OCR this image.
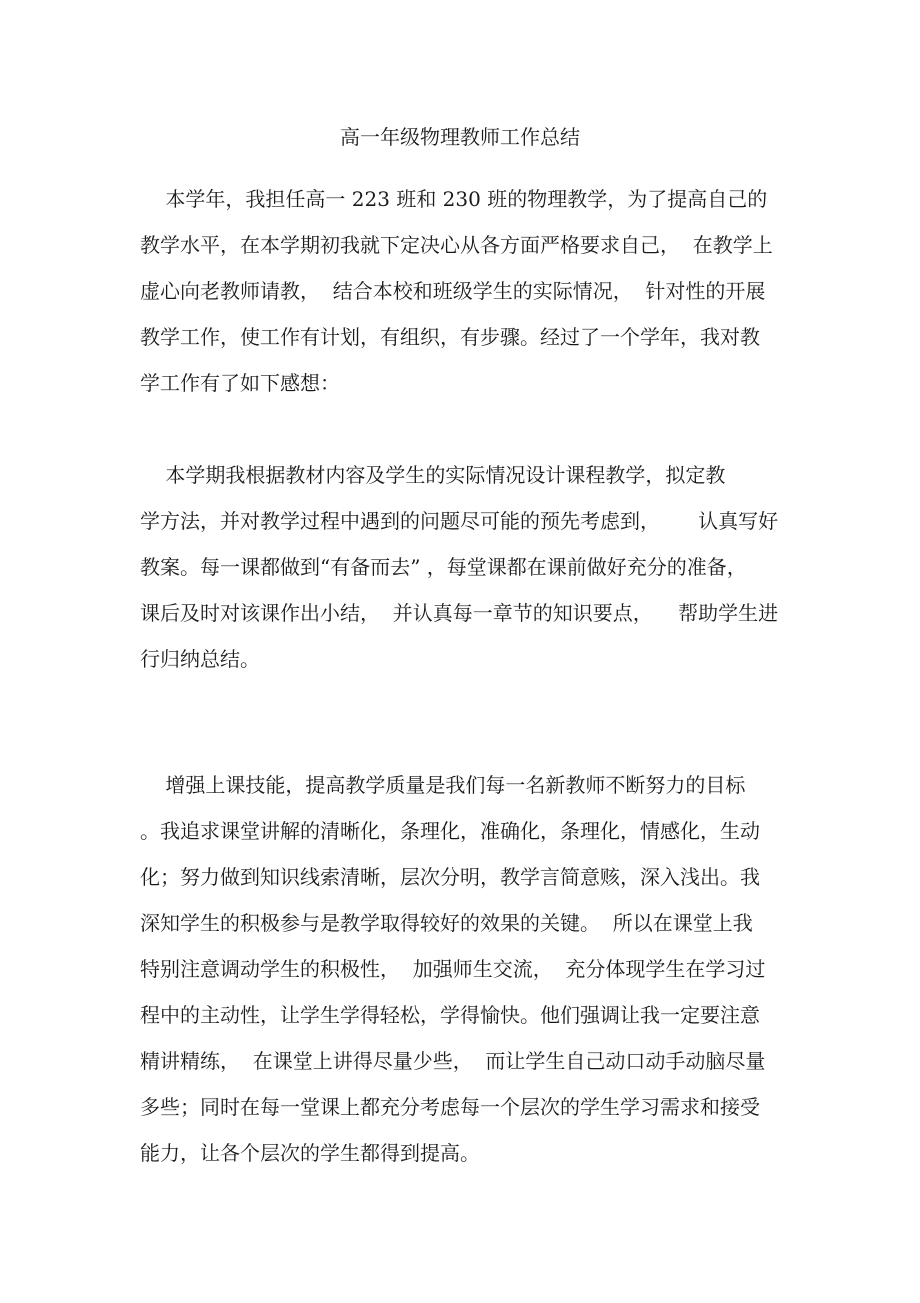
高一年级物理教师工作总结

本学年，我担任高一 223 班和 230 班的物理教学，为了提高自己的

教学水平，在本学期初我就下定决心从各方面严格要求自己，  在教学上

虚心向老教师请教，  结合本校和班级学生的实际情况，  针对性的开展

教学工作，使工作有计划，有组织，有步骤。经过了一个学年，我对教

学工作有了如下感想：

本学期我根据教材内容及学生的实际情况设计课程教学，拟定教

学方法，并对教学过程中遇到的问题尽可能的预先考虑到，      认真写好

教案。每一课都做到“有备而去” ，每堂课都在课前做好充分的准备，

课后及时对该课作出小结，  并认真每一章节的知识要点，    帮助学生进

行归纳总结。

增强上课技能，提高教学质量是我们每一名新教师不断努力的目标

。我追求课堂讲解的清晰化，条理化，准确化，条理化，情感化，生动

化；努力做到知识线索清晰，层次分明，教学言简意赅，深入浅出。我

深知学生的积极参与是教学取得较好的效果的关键。  所以在课堂上我

特别注意调动学生的积极性，  加强师生交流，  充分体现学生在学习过

程中的主动性，让学生学得轻松，学得愉快。他们强调让我一定要注意

精讲精练，  在课堂上讲得尽量少些，  而让学生自己动口动手动脑尽量

多些；同时在每一堂课上都充分考虑每一个层次的学生学习需求和接受

能力，让各个层次的学生都得到提高。
